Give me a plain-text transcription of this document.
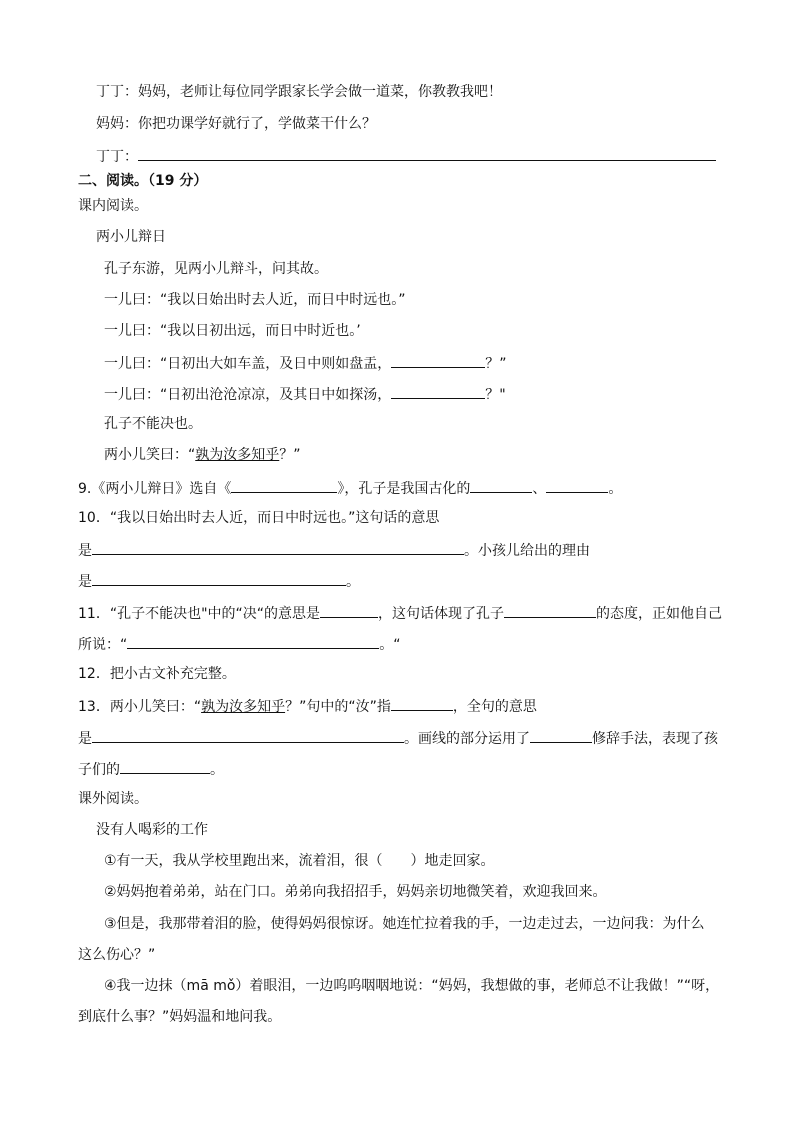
丁丁：妈妈，老师让每位同学跟家长学会做一道菜，你教教我吧！

妈妈：你把功课学好就行了，学做菜干什么？

丁丁：

二、阅读。（19 分）

课内阅读。

两小儿辩日

孔子东游，见两小儿辩斗，问其故。

一儿曰：“我以日始出时去人近，而日中时远也。”

一儿曰：“我以日初出远，而日中时近也。’

一儿曰：“日初出大如车盖，及日中则如盘盂，	？”

一儿曰：“日初出沧沧凉凉，及其日中如探汤，	？"

孔子不能决也。

两小儿笑曰：“孰为汝多知乎？”

9.《两小儿辩日》选自《	》，孔子是我国古化的	、	。

10．“我以日始出时去人近，而日中时远也。”这句话的意思

是	。小孩儿给出的理由

是	。

11．“孔子不能决也"中的“决“的意思是	，这句话体现了孔子	的态度，正如他自己

所说：“	。“

12．把小古文补充完整。

13．两小儿笑曰：“孰为汝多知乎？”句中的“汝”指	，全句的意思

是	。画线的部分运用了	修辞手法，表现了孩

子们的	。

课外阅读。

没有人喝彩的工作

①有一天，我从学校里跑出来，流着泪，很（　　）地走回家。

②妈妈抱着弟弟，站在门口。弟弟向我招招手，妈妈亲切地微笑着，欢迎我回来。

③但是，我那带着泪的脸，使得妈妈很惊讶。她连忙拉着我的手，一边走过去，一边问我：为什么

这么伤心？”

④我一边抹（mā mǒ）着眼泪，一边呜呜咽咽地说：“妈妈，我想做的事，老师总不让我做！”“呀，

到底什么事？”妈妈温和地问我。
